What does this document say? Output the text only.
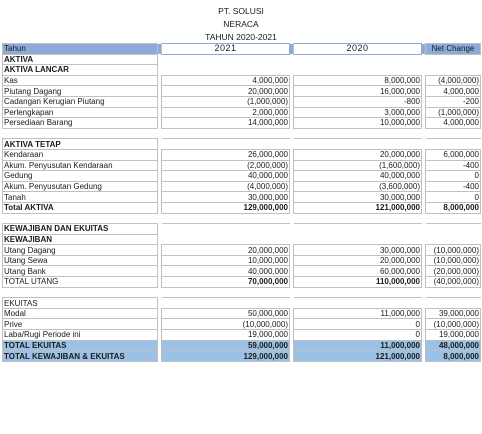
PT. SOLUSI
NERACA
TAHUN 2020-2021
Tahun		2021		2020		Net Change
AKTIVA						
AKTIVA LANCAR						
Kas		4,000,000		8,000,000		(4,000,000)
Piutang Dagang		20,000,000		16,000,000		4,000,000
Cadangan Kerugian Piutang		(1,000,000)		-800		-200
Perlengkapan		2,000,000		3,000,000		(1,000,000)
Persediaan Barang		14,000,000		10,000,000		4,000,000

AKTIVA TETAP						
Kendaraan		26,000,000		20,000,000		6,000,000
Akum. Penyusutan Kendaraan		(2,000,000)		(1,600,000)		-400
Gedung		40,000,000		40,000,000		0
Akum. Penyusutan Gedung		(4,000,000)		(3,600,000)		-400
Tanah		30,000,000		30,000,000		0
Total AKTIVA		129,000,000		121,000,000		8,000,000

KEWAJIBAN DAN EKUITAS						
KEWAJIBAN						
Utang Dagang		20,000,000		30,000,000		(10,000,000)
Utang Sewa		10,000,000		20,000,000		(10,000,000)
Utang Bank		40,000,000		60,000,000		(20,000,000)
TOTAL UTANG		70,000,000		110,000,000		(40,000,000)

EKUITAS						
Modal		50,000,000		11,000,000		39,000,000
Prive		(10,000,000)		0		(10,000,000)
Laba/Rugi Periode ini		19,000,000		0		19,000,000
TOTAL EKUITAS		59,000,000		11,000,000		48,000,000
TOTAL KEWAJIBAN & EKUITAS		129,000,000		121,000,000		8,000,000
